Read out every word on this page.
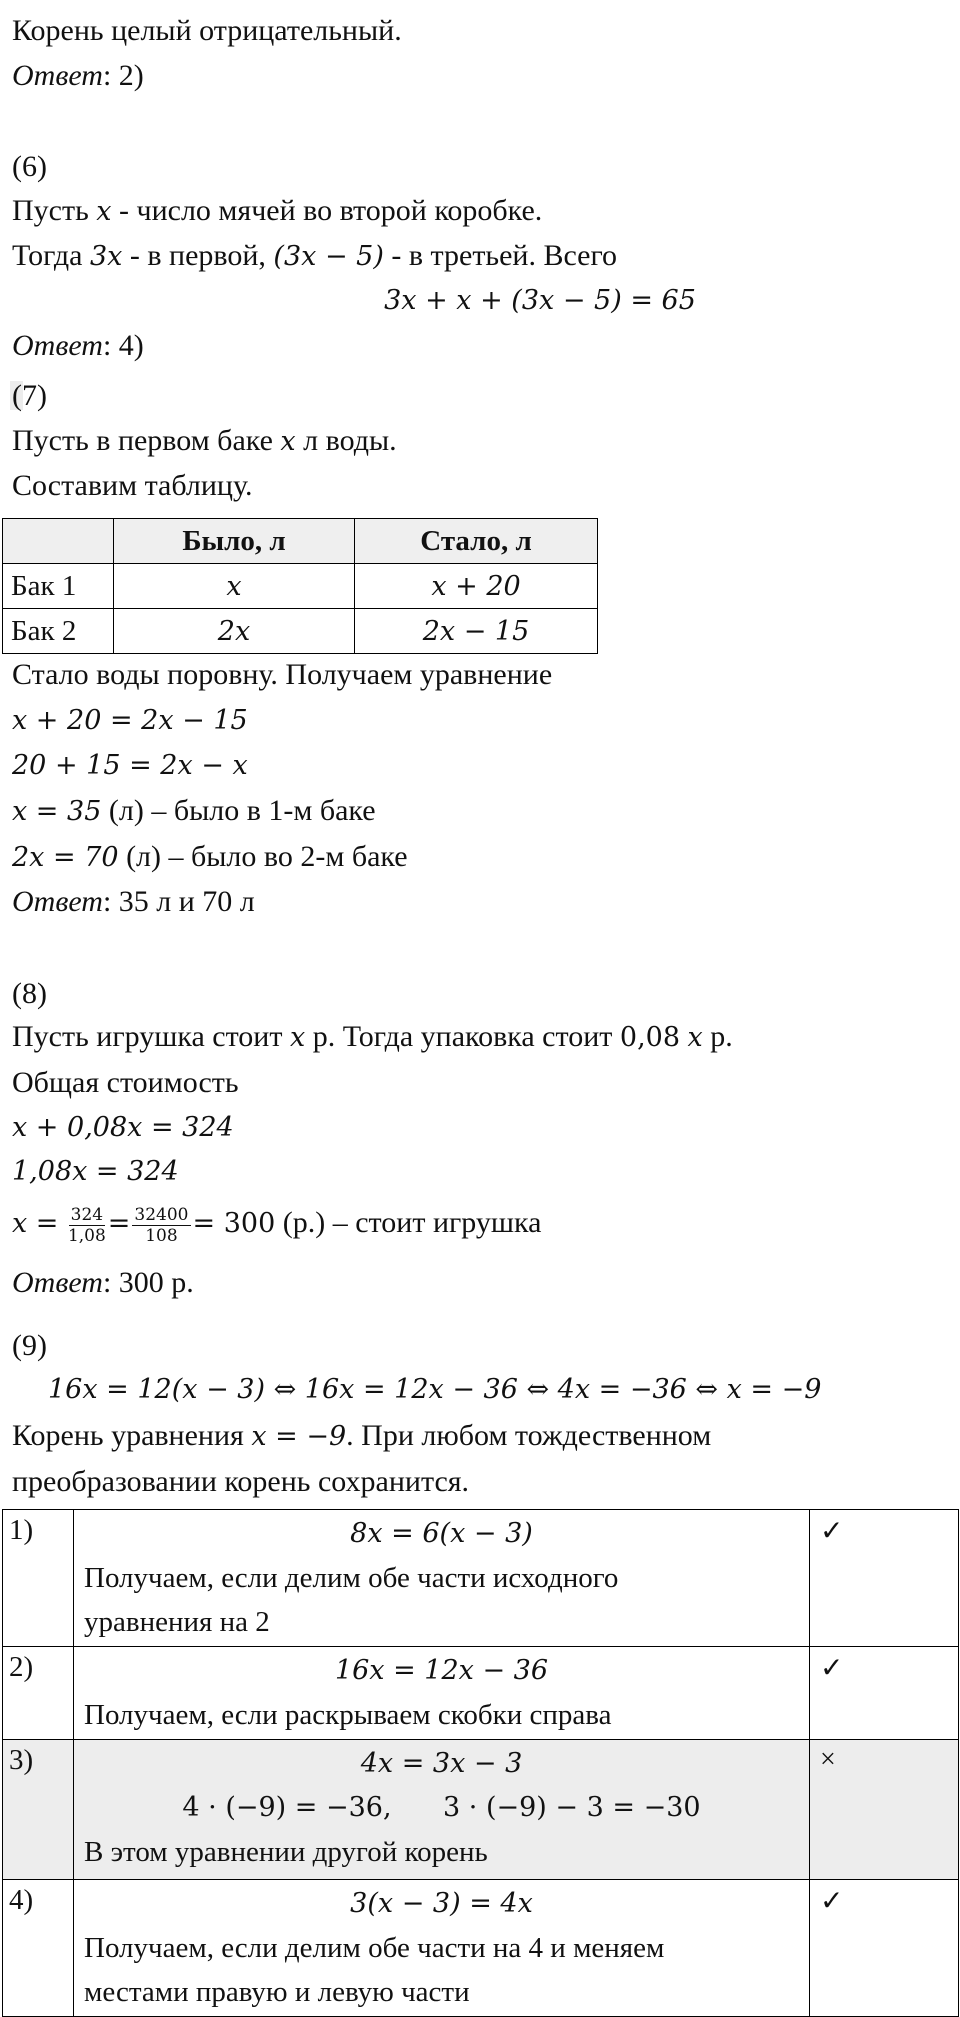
Корень целый отрицательный.
Ответ: 2)
(6)
Пусть x - число мячей во второй коробке.
Тогда 3x - в первой, (3x − 5) - в третьей. Всего
3x + x + (3x − 5) = 65
Ответ: 4)
(7)
Пусть в первом баке x л воды.
Составим таблицу.
	Было, л	Стало, л
Бак 1	x	x + 20
Бак 2	2x	2x − 15
Стало воды поровну. Получаем уравнение
x + 20 = 2x − 15
20 + 15 = 2x − x
x = 35 (л) – было в 1-м баке
2x = 70 (л) – было во 2-м баке
Ответ: 35 л и 70 л
(8)
Пусть игрушка стоит x р. Тогда упаковка стоит 0,08 x р.
Общая стоимость
x + 0,08x = 324
1,08x = 324
$x = \frac{324}{1,08} = \frac{32400}{108} = 300$ (р.) – стоит игрушка
Ответ: 300 р.
(9)
16x = 12(x − 3) ⇔ 16x = 12x − 36 ⇔ 4x = −36 ⇔ x = −9
Корень уравнения x = −9. При любом тождественном
преобразовании корень сохранится.
1)	8x = 6(x − 3)
Получаем, если делим обе части исходного
уравнения на 2	✓
2)	16x = 12x − 36
Получаем, если раскрываем скобки справа	✓
3)	4x = 3x − 3
4 · (−9) = −36,      3 · (−9) − 3 = −30
В этом уравнении другой корень	×
4)	3(x − 3) = 4x
Получаем, если делим обе части на 4 и меняем
местами правую и левую части	✓
